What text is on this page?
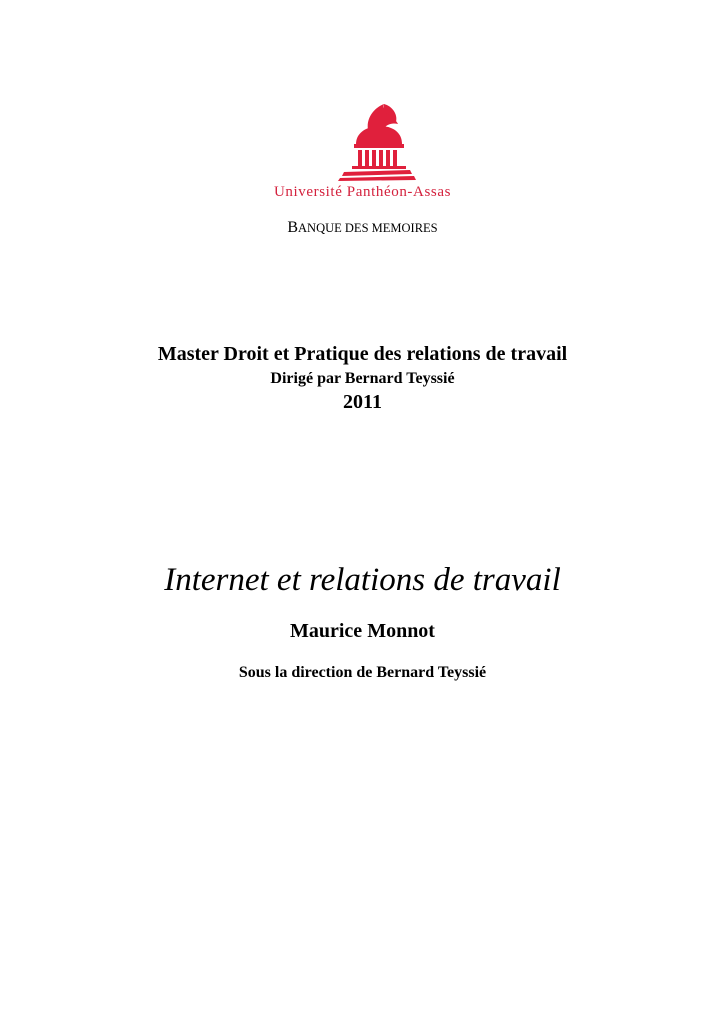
Université Panthéon-Assas
BANQUE DES MEMOIRES
Master Droit et Pratique des relations de travail
Dirigé par Bernard Teyssié
2011
Internet et relations de travail
Maurice Monnot
Sous la direction de Bernard Teyssié
